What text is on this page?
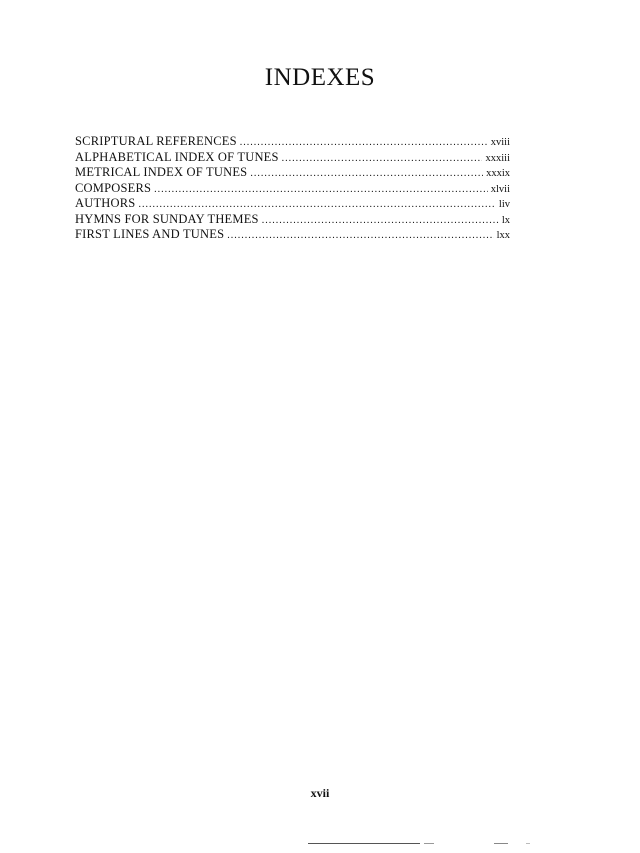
INDEXES
SCRIPTURAL REFERENCES .....	xviii
ALPHABETICAL INDEX OF TUNES .....	xxxiii
METRICAL INDEX OF TUNES .....	xxxix
COMPOSERS .....	xlvii
AUTHORS .....	liv
HYMNS FOR SUNDAY THEMES .....	lx
FIRST LINES AND TUNES .....	lxx
xvii
